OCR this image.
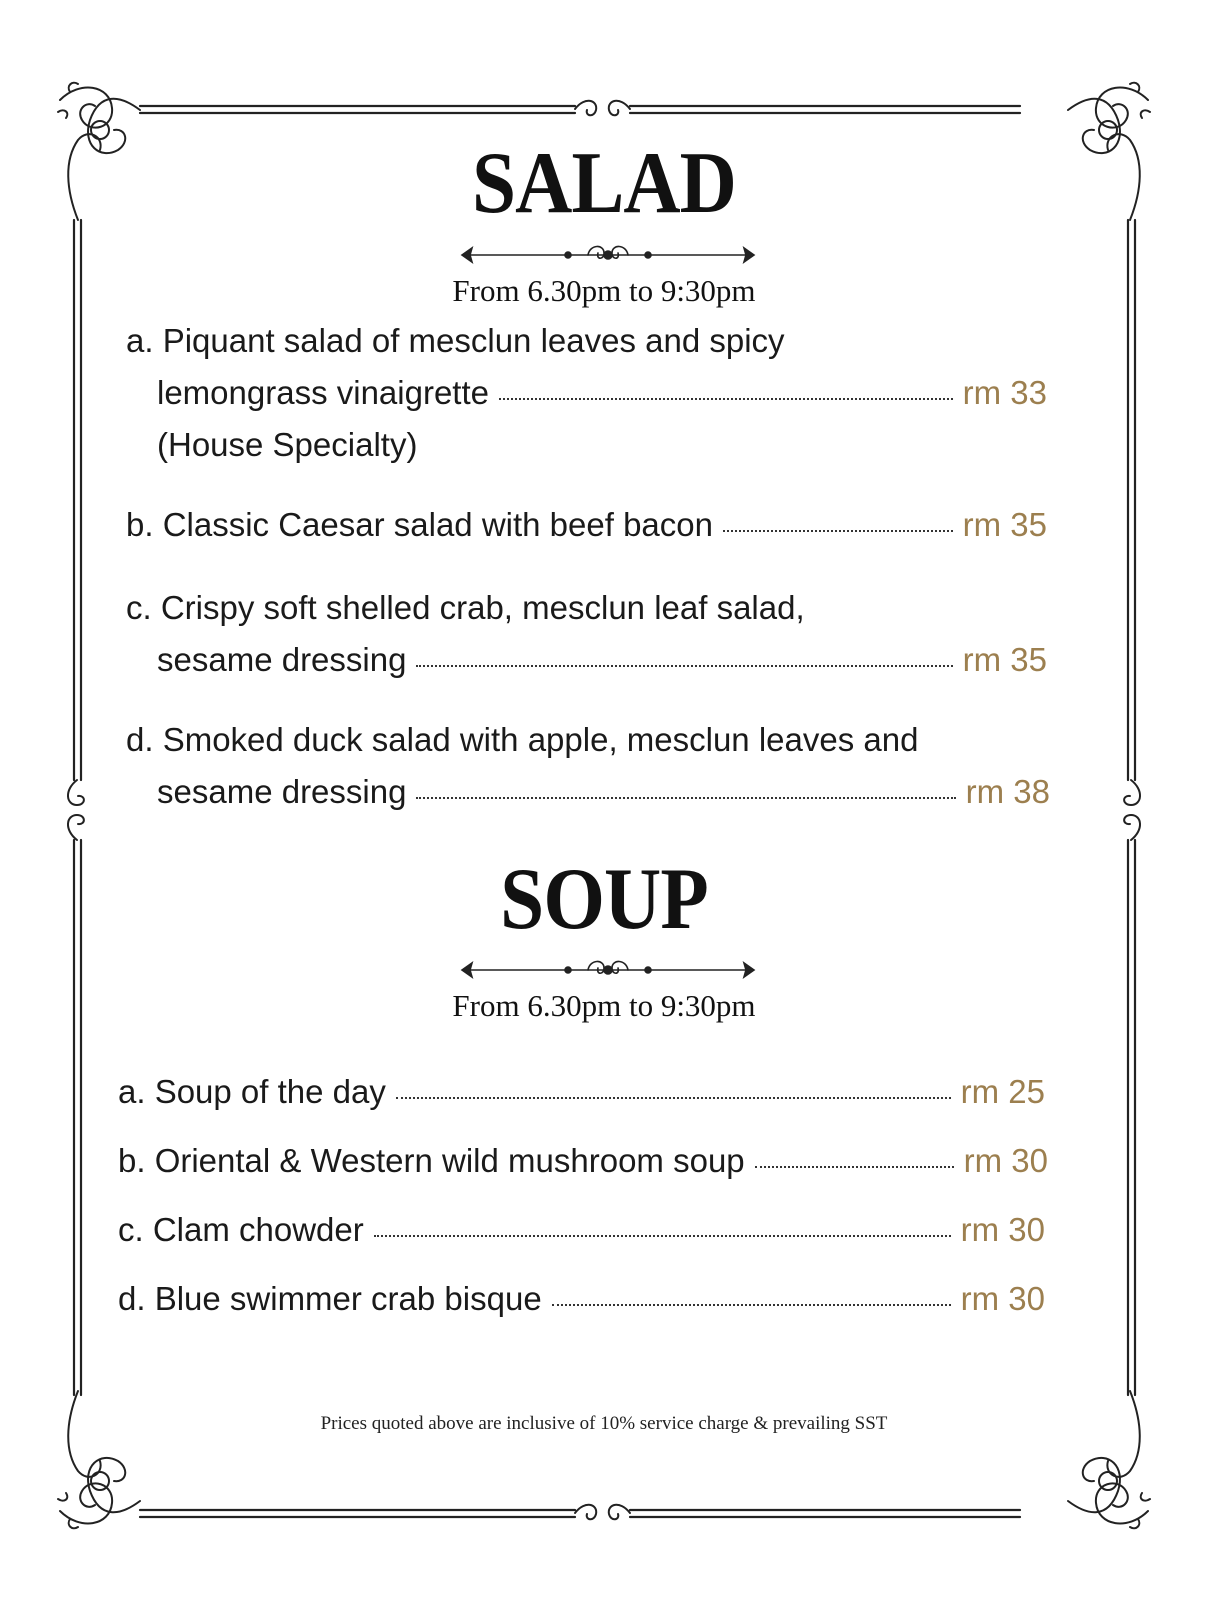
SALAD
From 6.30pm to 9:30pm
a. Piquant salad of mesclun leaves and spicy
lemongrass vinaigrette	rm 33
(House Specialty)
b. Classic Caesar salad with beef bacon	rm 35
c. Crispy soft shelled crab, mesclun leaf salad,
sesame dressing	rm 35
d. Smoked duck salad with apple, mesclun leaves and
sesame dressing	rm 38
SOUP
From 6.30pm to 9:30pm
a. Soup of the day	rm 25
b. Oriental & Western wild mushroom soup	rm 30
c. Clam chowder	rm 30
d. Blue swimmer crab bisque	rm 30
Prices quoted above are inclusive of 10% service charge & prevailing SST
